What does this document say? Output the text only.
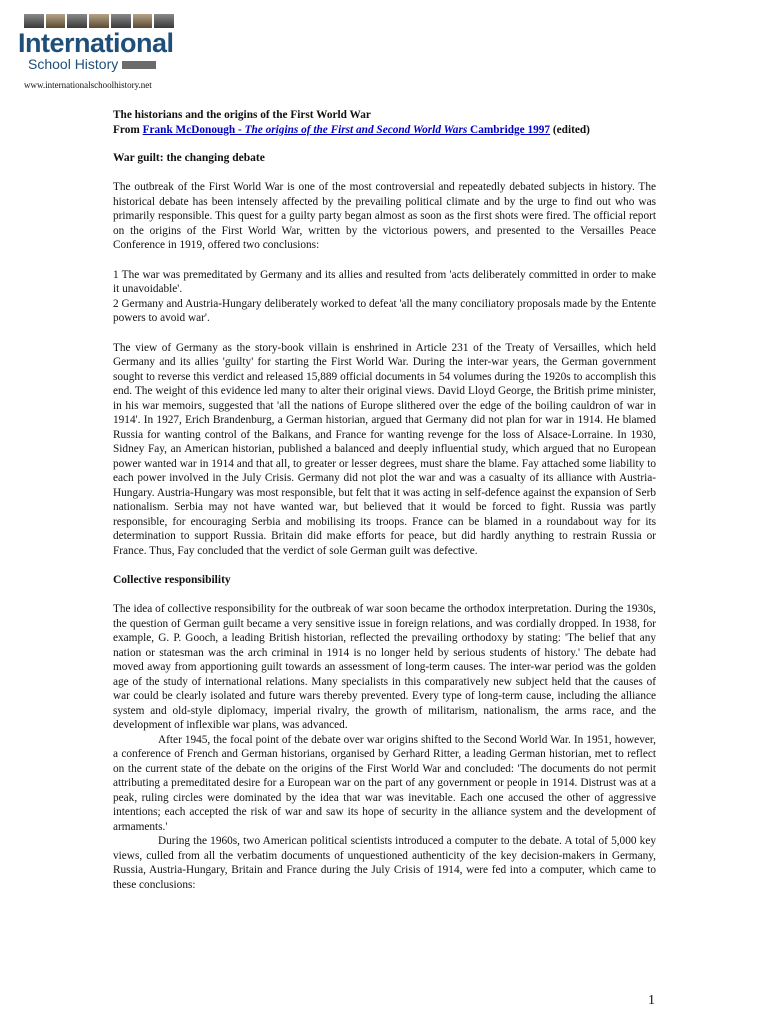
International
School History
www.internationalschoolhistory.net

The historians and the origins of the First World War

From Frank McDonough - The origins of the First and Second World Wars Cambridge 1997 (edited)

War guilt: the changing debate

The outbreak of the First World War is one of the most controversial and repeatedly debated subjects in history. The historical debate has been intensely affected by the prevailing political climate and by the urge to find out who was primarily responsible. This quest for a guilty party began almost as soon as the first shots were fired. The official report on the origins of the First World War, written by the victorious powers, and presented to the Versailles Peace Conference in 1919, offered two conclusions:

1 The war was premeditated by Germany and its allies and resulted from 'acts deliberately committed in order to make it unavoidable'.

2 Germany and Austria-Hungary deliberately worked to defeat 'all the many conciliatory proposals made by the Entente powers to avoid war'.

The view of Germany as the story-book villain is enshrined in Article 231 of the Treaty of Versailles, which held Germany and its allies 'guilty' for starting the First World War. During the inter-war years, the German government sought to reverse this verdict and released 15,889 official documents in 54 volumes during the 1920s to accomplish this end. The weight of this evidence led many to alter their original views. David Lloyd George, the British prime minister, in his war memoirs, suggested that 'all the nations of Europe slithered over the edge of the boiling cauldron of war in 1914'. In 1927, Erich Brandenburg, a German historian, argued that Germany did not plan for war in 1914. He blamed Russia for wanting control of the Balkans, and France for wanting revenge for the loss of Alsace-Lorraine. In 1930, Sidney Fay, an American historian, published a balanced and deeply influential study, which argued that no European power wanted war in 1914 and that all, to greater or lesser degrees, must share the blame. Fay attached some liability to each power involved in the July Crisis. Germany did not plot the war and was a casualty of its alliance with Austria-Hungary. Austria-Hungary was most responsible, but felt that it was acting in self-defence against the expansion of Serb nationalism. Serbia may not have wanted war, but believed that it would be forced to fight. Russia was partly responsible, for encouraging Serbia and mobilising its troops. France can be blamed in a roundabout way for its determination to support Russia. Britain did make efforts for peace, but did hardly anything to restrain Russia or France. Thus, Fay concluded that the verdict of sole German guilt was defective.

Collective responsibility

The idea of collective responsibility for the outbreak of war soon became the orthodox interpretation. During the 1930s, the question of German guilt became a very sensitive issue in foreign relations, and was cordially dropped. In 1938, for example, G. P. Gooch, a leading British historian, reflected the prevailing orthodoxy by stating: 'The belief that any nation or statesman was the arch criminal in 1914 is no longer held by serious students of history.' The debate had moved away from apportioning guilt towards an assessment of long-term causes. The inter-war period was the golden age of the study of international relations. Many specialists in this comparatively new subject held that the causes of war could be clearly isolated and future wars thereby prevented. Every type of long-term cause, including the alliance system and old-style diplomacy, imperial rivalry, the growth of militarism, nationalism, the arms race, and the development of inflexible war plans, was advanced.

After 1945, the focal point of the debate over war origins shifted to the Second World War. In 1951, however, a conference of French and German historians, organised by Gerhard Ritter, a leading German historian, met to reflect on the current state of the debate on the origins of the First World War and concluded: 'The documents do not permit attributing a premeditated desire for a European war on the part of any government or people in 1914. Distrust was at a peak, ruling circles were dominated by the idea that war was inevitable. Each one accused the other of aggressive intentions; each accepted the risk of war and saw its hope of security in the alliance system and the development of armaments.'

During the 1960s, two American political scientists introduced a computer to the debate. A total of 5,000 key views, culled from all the verbatim documents of unquestioned authenticity of the key decision-makers in Germany, Russia, Austria-Hungary, Britain and France during the July Crisis of 1914, were fed into a computer, which came to these conclusions:

1
